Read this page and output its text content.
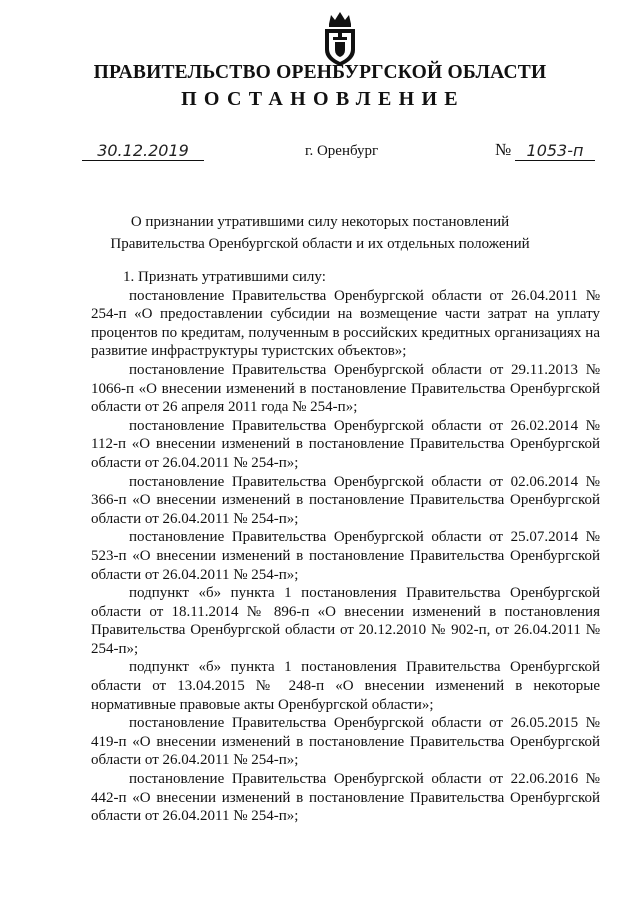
ПРАВИТЕЛЬСТВО ОРЕНБУРГСКОЙ ОБЛАСТИ
ПОСТАНОВЛЕНИЕ
30.12.2019	г. Оренбург	№ 1053-п
О признании утратившими силу некоторых постановлений
Правительства Оренбургской области и их отдельных положений

1. Признать утратившими силу:

постановление Правительства Оренбургской области от 26.04.2011 № 254-п «О предоставлении субсидии на возмещение части затрат на уплату процентов по кредитам, полученным в российских кредитных организациях на развитие инфраструктуры туристских объектов»;

постановление Правительства Оренбургской области от 29.11.2013 № 1066-п «О внесении изменений в постановление Правительства Оренбургской области от 26 апреля 2011 года № 254-п»;

постановление Правительства Оренбургской области от 26.02.2014 № 112-п «О внесении изменений в постановление Правительства Оренбургской области от 26.04.2011 № 254-п»;

постановление Правительства Оренбургской области от 02.06.2014 № 366-п «О внесении изменений в постановление Правительства Оренбургской области от 26.04.2011 № 254-п»;

постановление Правительства Оренбургской области от 25.07.2014 № 523-п «О внесении изменений в постановление Правительства Оренбургской области от 26.04.2011 № 254-п»;

подпункт «б» пункта 1 постановления Правительства Оренбургской области от 18.11.2014 № 896-п «О внесении изменений в постановления Правительства Оренбургской области от 20.12.2010 № 902-п, от 26.04.2011 № 254-п»;

подпункт «б» пункта 1 постановления Правительства Оренбургской области от 13.04.2015 № 248-п «О внесении изменений в некоторые нормативные правовые акты Оренбургской области»;

постановление Правительства Оренбургской области от 26.05.2015 № 419-п «О внесении изменений в постановление Правительства Оренбургской области от 26.04.2011 № 254-п»;

постановление Правительства Оренбургской области от 22.06.2016 № 442-п «О внесении изменений в постановление Правительства Оренбургской области от 26.04.2011 № 254-п»;
